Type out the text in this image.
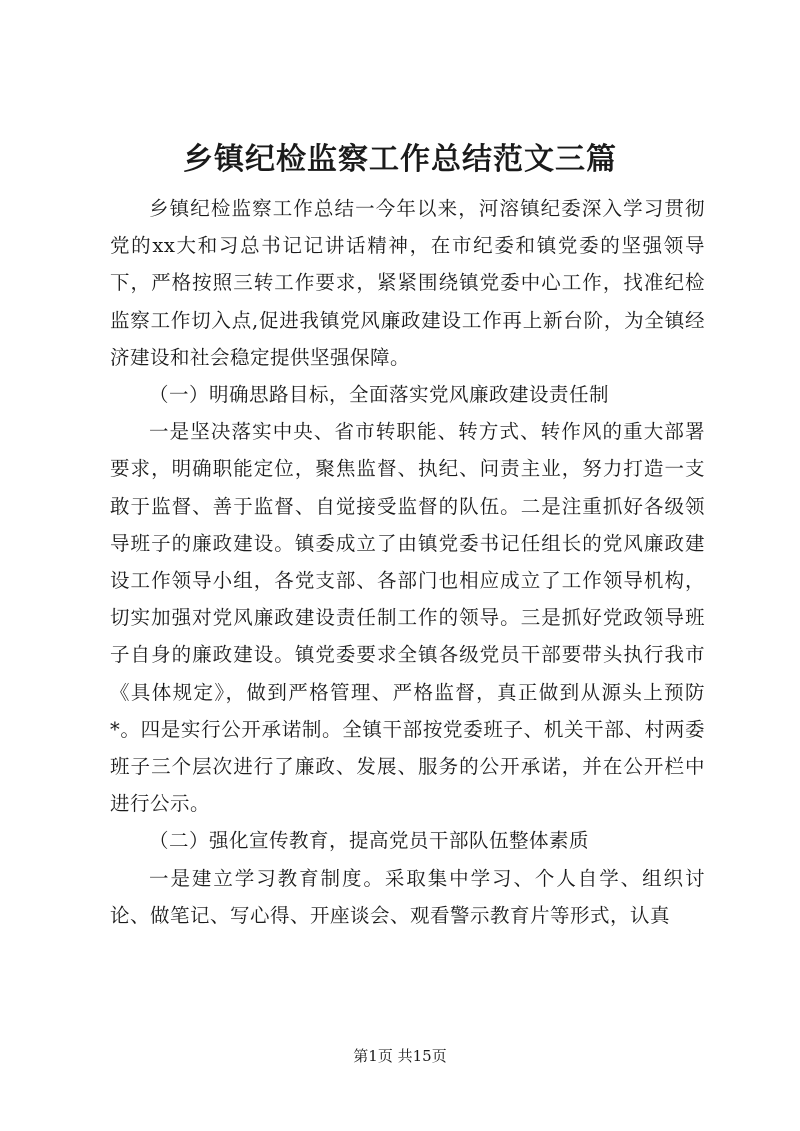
乡镇纪检监察工作总结范文三篇

乡镇纪检监察工作总结一今年以来，河溶镇纪委深入学习贯彻党的xx大和习总书记记讲话精神，在市纪委和镇党委的坚强领导下，严格按照三转工作要求，紧紧围绕镇党委中心工作，找准纪检监察工作切入点,促进我镇党风廉政建设工作再上新台阶，为全镇经济建设和社会稳定提供坚强保障。

（一）明确思路目标，全面落实党风廉政建设责任制

一是坚决落实中央、省市转职能、转方式、转作风的重大部署要求，明确职能定位，聚焦监督、执纪、问责主业，努力打造一支敢于监督、善于监督、自觉接受监督的队伍。二是注重抓好各级领导班子的廉政建设。镇委成立了由镇党委书记任组长的党风廉政建设工作领导小组，各党支部、各部门也相应成立了工作领导机构，切实加强对党风廉政建设责任制工作的领导。三是抓好党政领导班子自身的廉政建设。镇党委要求全镇各级党员干部要带头执行我市《具体规定》，做到严格管理、严格监督，真正做到从源头上预防*。四是实行公开承诺制。全镇干部按党委班子、机关干部、村两委班子三个层次进行了廉政、发展、服务的公开承诺，并在公开栏中进行公示。

（二）强化宣传教育，提高党员干部队伍整体素质

一是建立学习教育制度。采取集中学习、个人自学、组织讨论、做笔记、写心得、开座谈会、观看警示教育片等形式，认真

第1页 共15页
